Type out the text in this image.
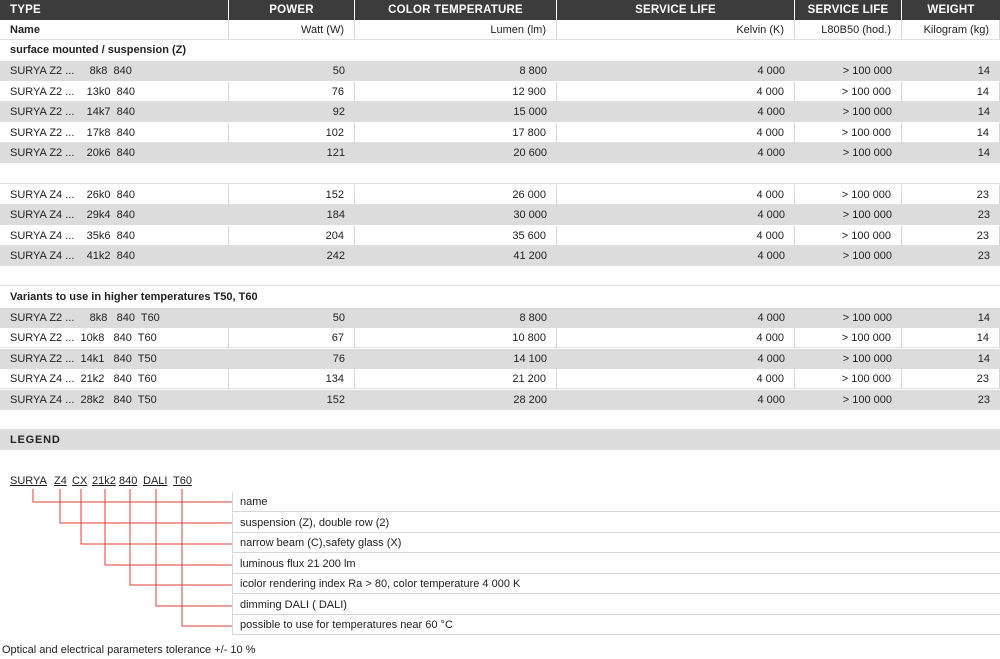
TYPE	POWER	COLOR TEMPERATURE	SERVICE LIFE	SERVICE LIFE	WEIGHT
Name	Watt (W)	Lumen (lm)	Kelvin (K)	L80B50 (hod.)	Kilogram (kg)
surface mounted / suspension (Z)
SURYA Z2 ...     8k8  840	50	8 800	4 000	> 100 000	14
SURYA Z2 ...    13k0  840	76	12 900	4 000	> 100 000	14
SURYA Z2 ...    14k7  840	92	15 000	4 000	> 100 000	14
SURYA Z2 ...    17k8  840	102	17 800	4 000	> 100 000	14
SURYA Z2 ...    20k6  840	121	20 600	4 000	> 100 000	14
SURYA Z4 ...    26k0  840	152	26 000	4 000	> 100 000	23
SURYA Z4 ...    29k4  840	184	30 000	4 000	> 100 000	23
SURYA Z4 ...    35k6  840	204	35 600	4 000	> 100 000	23
SURYA Z4 ...    41k2  840	242	41 200	4 000	> 100 000	23
Variants to use in higher temperatures T50, T60
SURYA Z2 ...     8k8   840  T60	50	8 800	4 000	> 100 000	14
SURYA Z2 ...  10k8   840  T60	67	10 800	4 000	> 100 000	14
SURYA Z2 ...  14k1   840  T50	76	14 100	4 000	> 100 000	14
SURYA Z4 ...  21k2   840  T60	134	21 200	4 000	> 100 000	23
SURYA Z4 ...  28k2   840  T50	152	28 200	4 000	> 100 000	23
LEGEND
SURYA Z4 CX 21k2 840 DALI T60
name
suspension (Z), double row (2)
narrow beam (C),safety glass (X)
luminous flux 21 200 lm
icolor rendering index Ra > 80, color temperature 4 000 K
dimming DALI ( DALI)
possible to use for temperatures near 60 °C
Optical and electrical parameters tolerance +/- 10 %
